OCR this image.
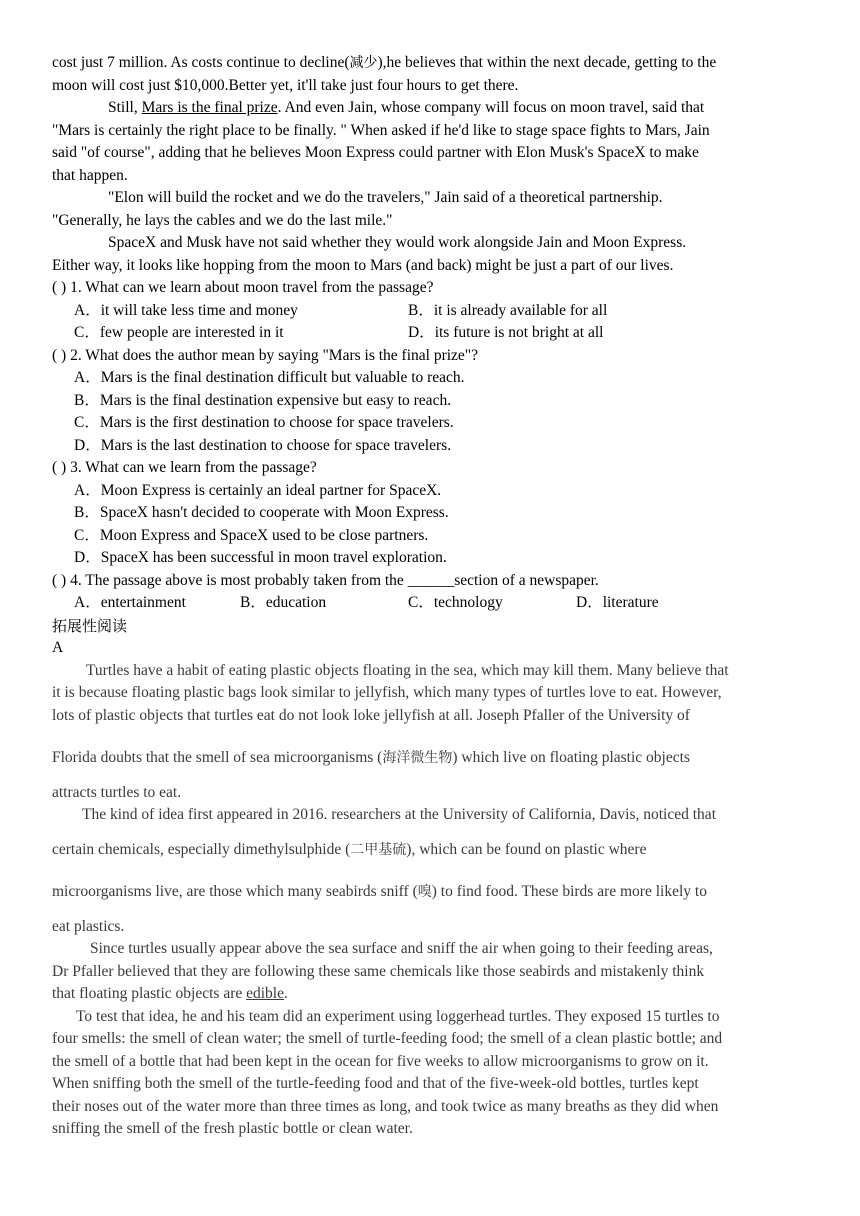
cost just 7 million. As costs continue to decline(减少),he believes that within the next decade, getting to the
moon will cost just $10,000.Better yet, it'll take just four hours to get there.
Still, Mars is the final prize. And even Jain, whose company will focus on moon travel, said that
"Mars is certainly the right place to be finally. " When asked if he'd like to stage space fights to Mars, Jain
said "of course", adding that he believes Moon Express could partner with Elon Musk's SpaceX to make
that happen.
"Elon will build the rocket and we do the travelers," Jain said of a theoretical partnership.
"Generally, he lays the cables and we do the last mile."
SpaceX and Musk have not said whether they would work alongside Jain and Moon Express.
Either way, it looks like hopping from the moon to Mars (and back) might be just a part of our lives.
( ) 1. What can we learn about moon travel from the passage?
A．it will take less time and money	B．it is already available for all
C．few people are interested in it	D．its future is not bright at all
( ) 2. What does the author mean by saying "Mars is the final prize"?
A．Mars is the final destination difficult but valuable to reach.
B．Mars is the final destination expensive but easy to reach.
C．Mars is the first destination to choose for space travelers.
D．Mars is the last destination to choose for space travelers.
( ) 3. What can we learn from the passage?
A．Moon Express is certainly an ideal partner for SpaceX.
B．SpaceX hasn't decided to cooperate with Moon Express.
C．Moon Express and SpaceX used to be close partners.
D．SpaceX has been successful in moon travel exploration.
( ) 4. The passage above is most probably taken from the ______section of a newspaper.
A．entertainment	B．education	C．technology	D．literature
拓展性阅读
A
Turtles have a habit of eating plastic objects floating in the sea, which may kill them. Many believe that
it is because floating plastic bags look similar to jellyfish, which many types of turtles love to eat. However,
lots of plastic objects that turtles eat do not look loke jellyfish at all. Joseph Pfaller of the University of
Florida doubts that the smell of sea microorganisms (海洋微生物) which live on floating plastic objects
attracts turtles to eat.
The kind of idea first appeared in 2016. researchers at the University of California, Davis, noticed that
certain chemicals, especially dimethylsulphide (二甲基硫), which can be found on plastic where
microorganisms live, are those which many seabirds sniff (嗅) to find food. These birds are more likely to
eat plastics.
Since turtles usually appear above the sea surface and sniff the air when going to their feeding areas,
Dr Pfaller believed that they are following these same chemicals like those seabirds and mistakenly think
that floating plastic objects are edible.
To test that idea, he and his team did an experiment using loggerhead turtles. They exposed 15 turtles to
four smells: the smell of clean water; the smell of turtle-feeding food; the smell of a clean plastic bottle; and
the smell of a bottle that had been kept in the ocean for five weeks to allow microorganisms to grow on it.
When sniffing both the smell of the turtle-feeding food and that of the five-week-old bottles, turtles kept
their noses out of the water more than three times as long, and took twice as many breaths as they did when
sniffing the smell of the fresh plastic bottle or clean water.
